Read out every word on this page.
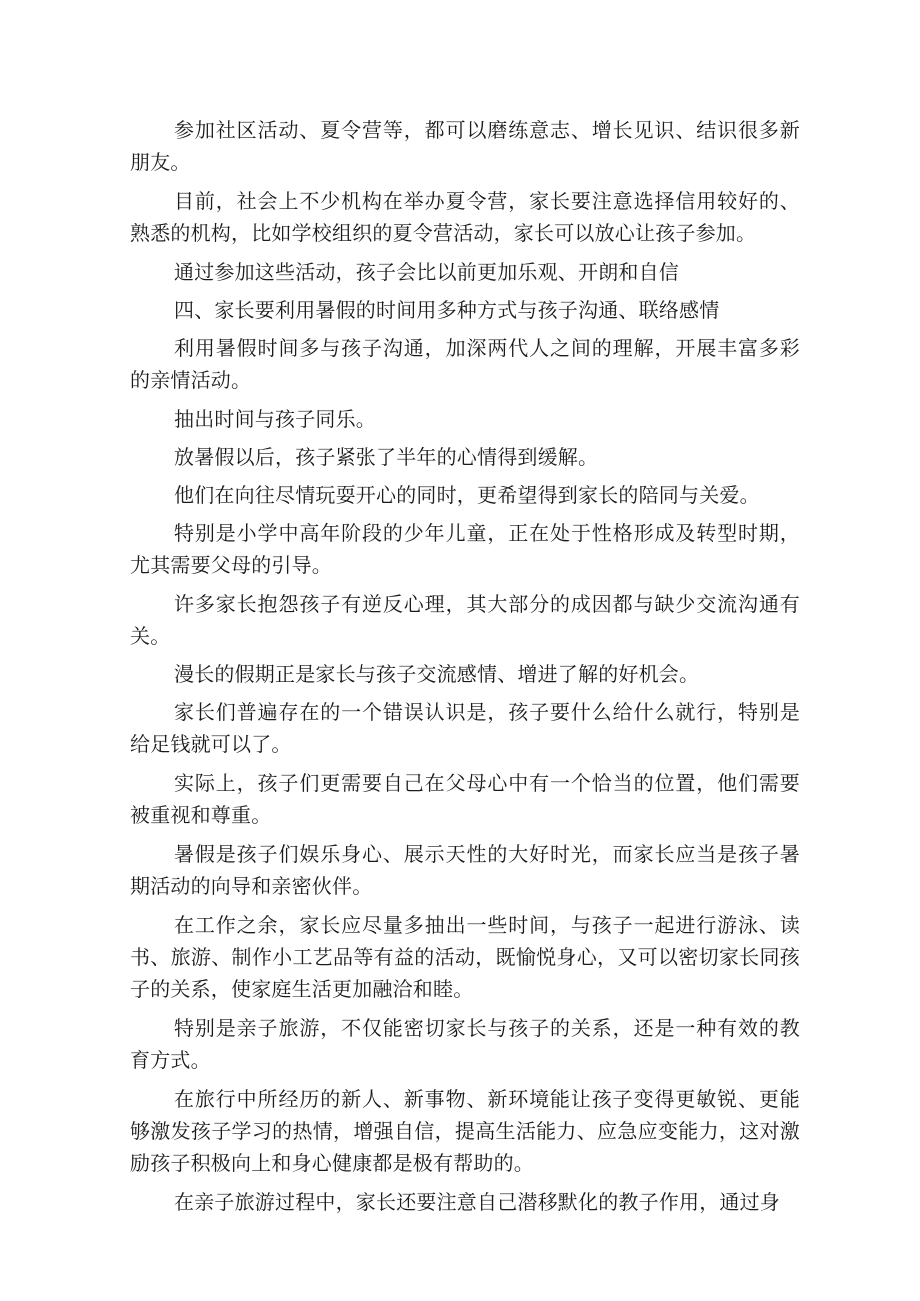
参加社区活动、夏令营等，都可以磨练意志、增长见识、结识很多新朋友。

目前，社会上不少机构在举办夏令营，家长要注意选择信用较好的、熟悉的机构，比如学校组织的夏令营活动，家长可以放心让孩子参加。

通过参加这些活动，孩子会比以前更加乐观、开朗和自信

四、家长要利用暑假的时间用多种方式与孩子沟通、联络感情

利用暑假时间多与孩子沟通，加深两代人之间的理解，开展丰富多彩的亲情活动。

抽出时间与孩子同乐。

放暑假以后，孩子紧张了半年的心情得到缓解。

他们在向往尽情玩耍开心的同时，更希望得到家长的陪同与关爱。

特别是小学中高年阶段的少年儿童，正在处于性格形成及转型时期，尤其需要父母的引导。

许多家长抱怨孩子有逆反心理，其大部分的成因都与缺少交流沟通有关。

漫长的假期正是家长与孩子交流感情、增进了解的好机会。

家长们普遍存在的一个错误认识是，孩子要什么给什么就行，特别是给足钱就可以了。

实际上，孩子们更需要自己在父母心中有一个恰当的位置，他们需要被重视和尊重。

暑假是孩子们娱乐身心、展示天性的大好时光，而家长应当是孩子暑期活动的向导和亲密伙伴。

在工作之余，家长应尽量多抽出一些时间，与孩子一起进行游泳、读书、旅游、制作小工艺品等有益的活动，既愉悦身心，又可以密切家长同孩子的关系，使家庭生活更加融洽和睦。

特别是亲子旅游，不仅能密切家长与孩子的关系，还是一种有效的教育方式。

在旅行中所经历的新人、新事物、新环境能让孩子变得更敏锐、更能够激发孩子学习的热情，增强自信，提高生活能力、应急应变能力，这对激励孩子积极向上和身心健康都是极有帮助的。

在亲子旅游过程中，家长还要注意自己潜移默化的教子作用，通过身
